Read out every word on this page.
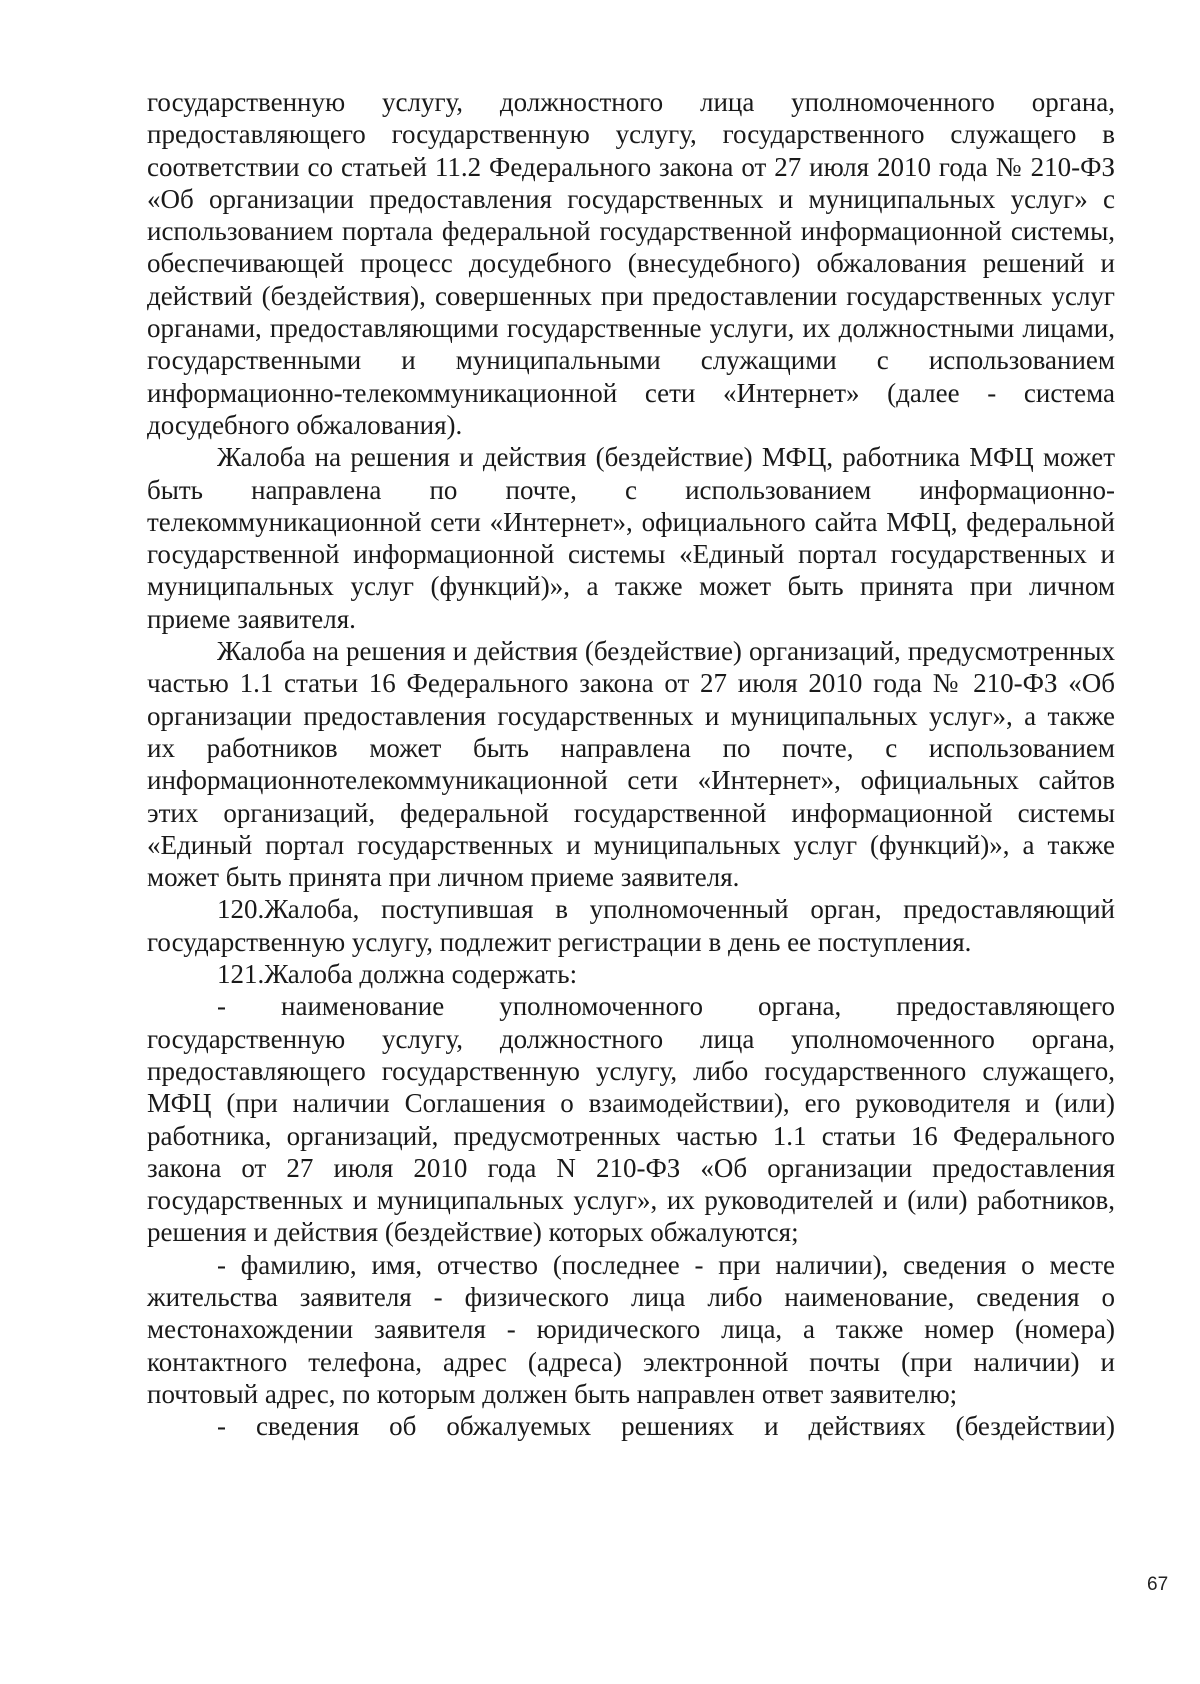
государственную услугу, должностного лица уполномоченного органа, предоставляющего государственную услугу, государственного служащего в соответствии со статьей 11.2 Федерального закона от 27 июля 2010 года № 210-ФЗ «Об организации предоставления государственных и муниципальных услуг» с использованием портала федеральной государственной информационной системы, обеспечивающей процесс досудебного (внесудебного) обжалования решений и действий (бездействия), совершенных при предоставлении государственных услуг органами, предоставляющими государственные услуги, их должностными лицами, государственными и муниципальными служащими с использованием информационно-телекоммуникационной сети «Интернет» (далее - система досудебного обжалования).

Жалоба на решения и действия (бездействие) МФЦ, работника МФЦ может быть направлена по почте, с использованием информационно-телекоммуникационной сети «Интернет», официального сайта МФЦ, федеральной государственной информационной системы «Единый портал государственных и муниципальных услуг (функций)», а также может быть принята при личном приеме заявителя.

Жалоба на решения и действия (бездействие) организаций, предусмотренных частью 1.1 статьи 16 Федерального закона от 27 июля 2010 года № 210-ФЗ «Об организации предоставления государственных и муниципальных услуг», а также их работников может быть направлена по почте, с использованием информационнотелекоммуникационной сети «Интернет», официальных сайтов этих организаций, федеральной государственной информационной системы «Единый портал государственных и муниципальных услуг (функций)», а также может быть принята при личном приеме заявителя.

120.Жалоба, поступившая в уполномоченный орган, предоставляющий государственную услугу, подлежит регистрации в день ее поступления.

121.Жалоба должна содержать:

- наименование уполномоченного органа, предоставляющего государственную услугу, должностного лица уполномоченного органа, предоставляющего государственную услугу, либо государственного служащего, МФЦ (при наличии Соглашения о взаимодействии), его руководителя и (или) работника, организаций, предусмотренных частью 1.1 статьи 16 Федерального закона от 27 июля 2010 года N 210-ФЗ «Об организации предоставления государственных и муниципальных услуг», их руководителей и (или) работников, решения и действия (бездействие) которых обжалуются;

- фамилию, имя, отчество (последнее - при наличии), сведения о месте жительства заявителя - физического лица либо наименование, сведения о местонахождении заявителя - юридического лица, а также номер (номера) контактного телефона, адрес (адреса) электронной почты (при наличии) и почтовый адрес, по которым должен быть направлен ответ заявителю;

- сведения об обжалуемых решениях и действиях (бездействии)

67
